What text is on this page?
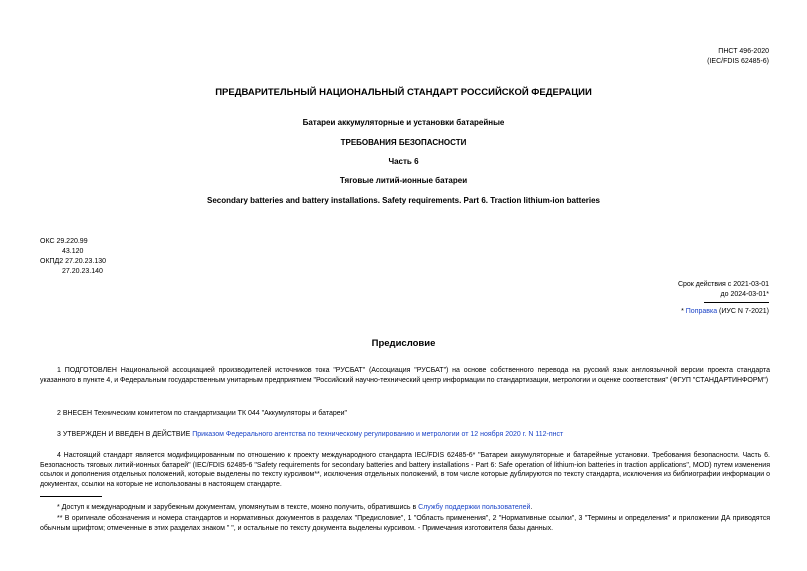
ПНСТ 496-2020
(IEC/FDIS 62485-6)
ПРЕДВАРИТЕЛЬНЫЙ НАЦИОНАЛЬНЫЙ СТАНДАРТ РОССИЙСКОЙ ФЕДЕРАЦИИ
Батареи аккумуляторные и установки батарейные
ТРЕБОВАНИЯ БЕЗОПАСНОСТИ
Часть 6
Тяговые литий-ионные батареи
Secondary batteries and battery installations. Safety requirements. Part 6. Traction lithium-ion batteries
ОКС 29.220.99
43.120
ОКПД2 27.20.23.130
27.20.23.140
Срок действия с 2021-03-01
до 2024-03-01*
* Поправка (ИУС N 7-2021)
Предисловие
1 ПОДГОТОВЛЕН Национальной ассоциацией производителей источников тока "РУСБАТ" (Ассоциация "РУСБАТ") на основе собственного перевода на русский язык англоязычной версии проекта стандарта указанного в пункте 4, и Федеральным государственным унитарным предприятием "Российский научно-технический центр информации по стандартизации, метрологии и оценке соответствия" (ФГУП "СТАНДАРТИНФОРМ")
2 ВНЕСЕН Техническим комитетом по стандартизации ТК 044 "Аккумуляторы и батареи"
3 УТВЕРЖДЕН И ВВЕДЕН В ДЕЙСТВИЕ Приказом Федерального агентства по техническому регулированию и метрологии от 12 ноября 2020 г. N 112-пнст
4 Настоящий стандарт является модифицированным по отношению к проекту международного стандарта IEC/FDIS 62485-6* "Батареи аккумуляторные и батарейные установки. Требования безопасности. Часть 6. Безопасность тяговых литий-ионных батарей" (IEC/FDIS 62485-6 "Safety requirements for secondary batteries and battery installations - Part 6: Safe operation of lithium-ion batteries in traction applications", MOD) путем изменения ссылок и дополнения отдельных положений, которые выделены по тексту курсивом**, исключения отдельных положений, в том числе которые дублируются по тексту стандарта, исключения из библиографии информации о документах, ссылки на которые не использованы в настоящем стандарте.
* Доступ к международным и зарубежным документам, упомянутым в тексте, можно получить, обратившись в Службу поддержки пользователей.
** В оригинале обозначения и номера стандартов и нормативных документов в разделах "Предисловие", 1 "Область применения", 2 "Нормативные ссылки", 3 "Термины и определения" и приложении ДА приводятся обычным шрифтом; отмеченные в этих разделах знаком " ", и остальные по тексту документа выделены курсивом. - Примечания изготовителя базы данных.
